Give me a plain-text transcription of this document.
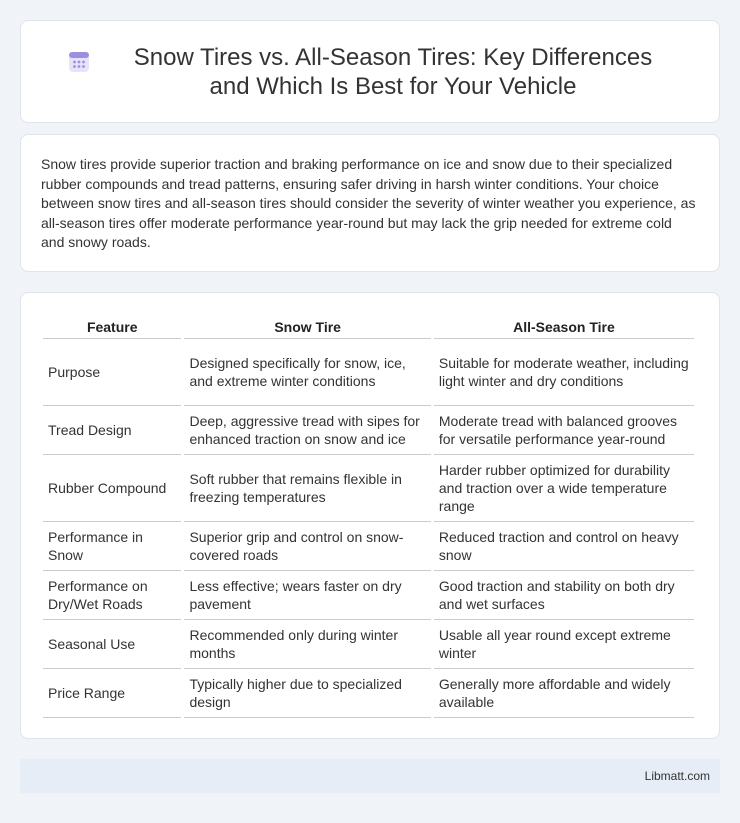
Snow Tires vs. All-Season Tires: Key Differences and Which Is Best for Your Vehicle

Snow tires provide superior traction and braking performance on ice and snow due to their specialized rubber compounds and tread patterns, ensuring safer driving in harsh winter conditions. Your choice between snow tires and all-season tires should consider the severity of winter weather you experience, as all-season tires offer moderate performance year-round but may lack the grip needed for extreme cold and snowy roads.

Feature	Snow Tire	All-Season Tire
Purpose	Designed specifically for snow, ice, and extreme winter conditions	Suitable for moderate weather, including light winter and dry conditions
Tread Design	Deep, aggressive tread with sipes for enhanced traction on snow and ice	Moderate tread with balanced grooves for versatile performance year-round
Rubber Compound	Soft rubber that remains flexible in freezing temperatures	Harder rubber optimized for durability and traction over a wide temperature range
Performance in Snow	Superior grip and control on snow-covered roads	Reduced traction and control on heavy snow
Performance on Dry/Wet Roads	Less effective; wears faster on dry pavement	Good traction and stability on both dry and wet surfaces
Seasonal Use	Recommended only during winter months	Usable all year round except extreme winter
Price Range	Typically higher due to specialized design	Generally more affordable and widely available
Libmatt.com
